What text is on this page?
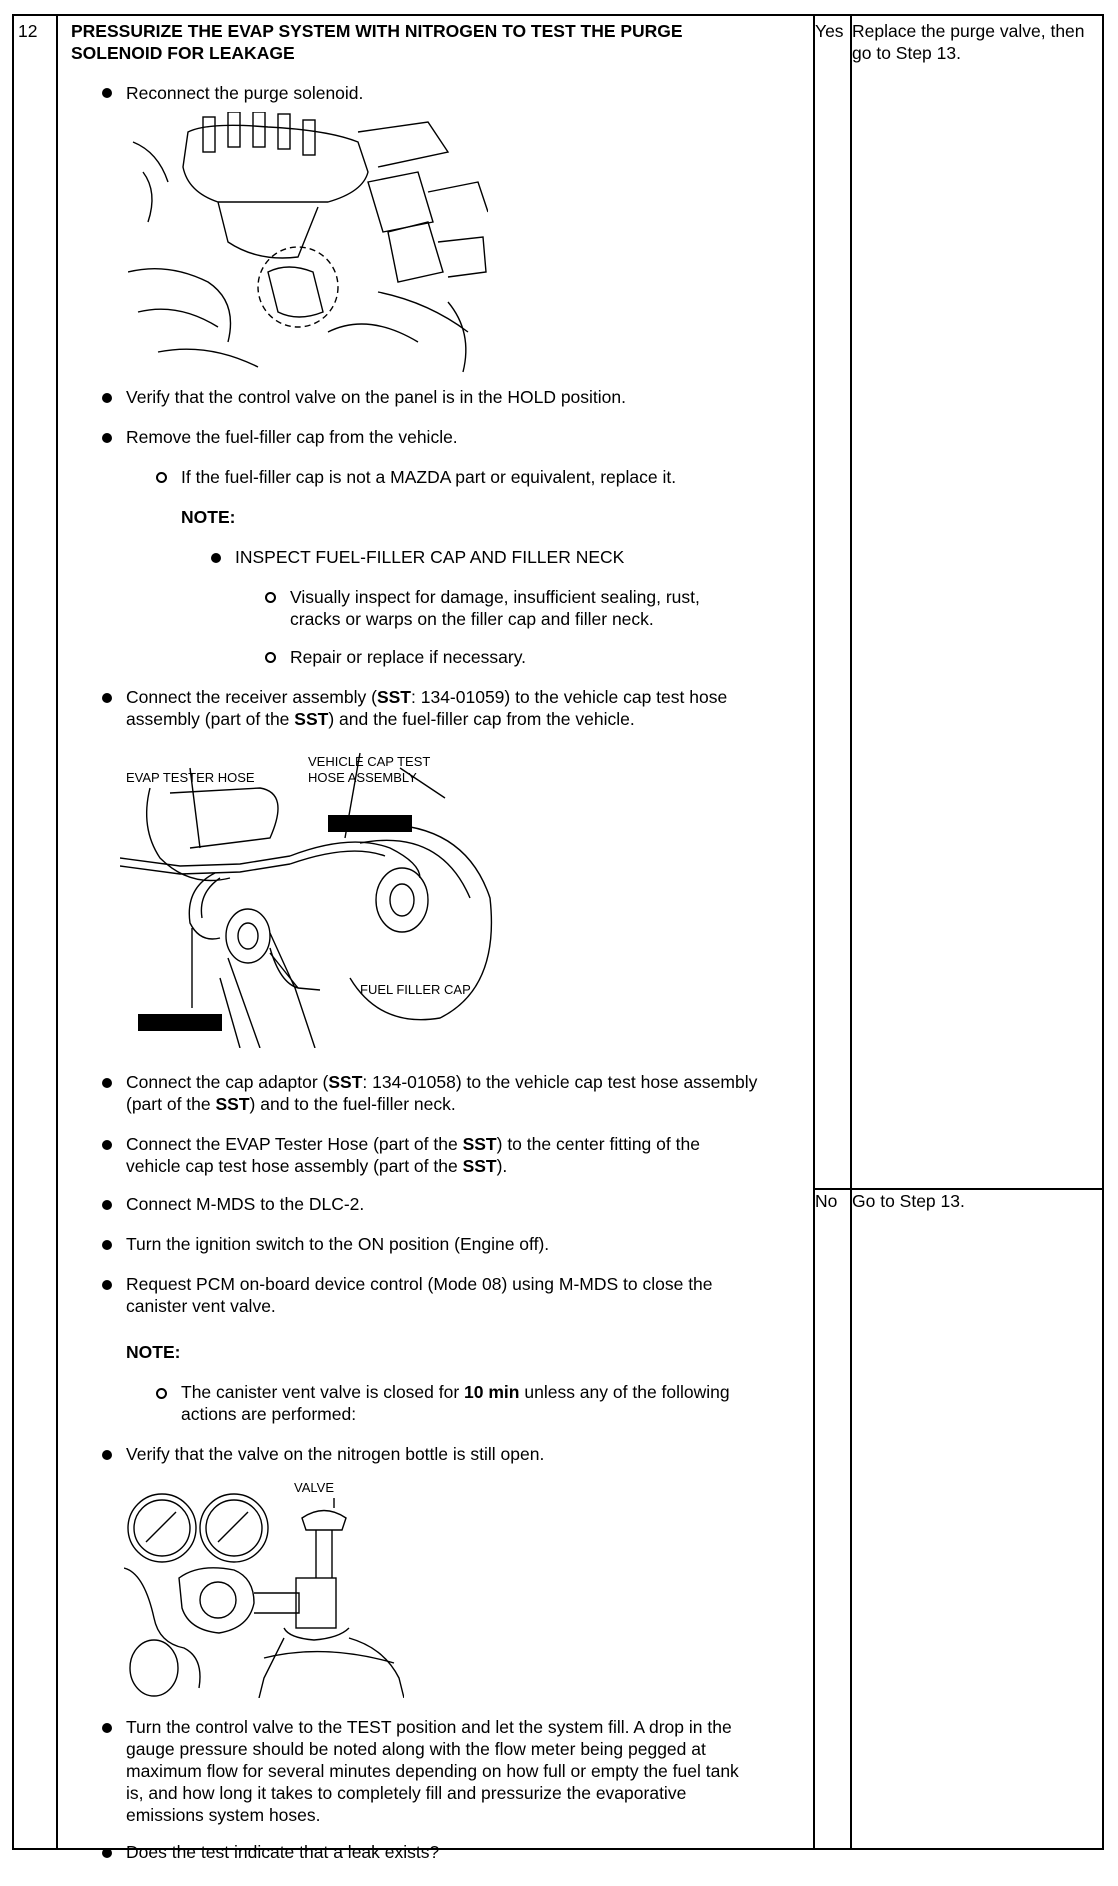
12 PRESSURIZE THE EVAP SYSTEM WITH NITROGEN TO TEST THE PURGE
SOLENOID FOR LEAKAGE
Yes Replace the purge valve, then
go to Step 13.
No Go to Step 13.
Reconnect the purge solenoid.
Verify that the control valve on the panel is in the HOLD position.
Remove the fuel-filler cap from the vehicle.
If the fuel-filler cap is not a MAZDA part or equivalent, replace it.
NOTE:
INSPECT FUEL-FILLER CAP AND FILLER NECK
Visually inspect for damage, insufficient sealing, rust,
cracks or warps on the filler cap and filler neck.
Repair or replace if necessary.
Connect the receiver assembly (SST: 134-01059) to the vehicle cap test hose
assembly (part of the SST) and the fuel-filler cap from the vehicle.
EVAP TESTER HOSE
VEHICLE CAP TEST
HOSE ASSEMBLY
FUEL FILLER CAP
Connect the cap adaptor (SST: 134-01058) to the vehicle cap test hose assembly
(part of the SST) and to the fuel-filler neck.
Connect the EVAP Tester Hose (part of the SST) to the center fitting of the
vehicle cap test hose assembly (part of the SST).
Connect M-MDS to the DLC-2.
Turn the ignition switch to the ON position (Engine off).
Request PCM on-board device control (Mode 08) using M-MDS to close the
canister vent valve.
NOTE:
The canister vent valve is closed for 10 min unless any of the following
actions are performed:
Verify that the valve on the nitrogen bottle is still open.
VALVE
Turn the control valve to the TEST position and let the system fill. A drop in the
gauge pressure should be noted along with the flow meter being pegged at
maximum flow for several minutes depending on how full or empty the fuel tank
is, and how long it takes to completely fill and pressurize the evaporative
emissions system hoses.
Does the test indicate that a leak exists?
